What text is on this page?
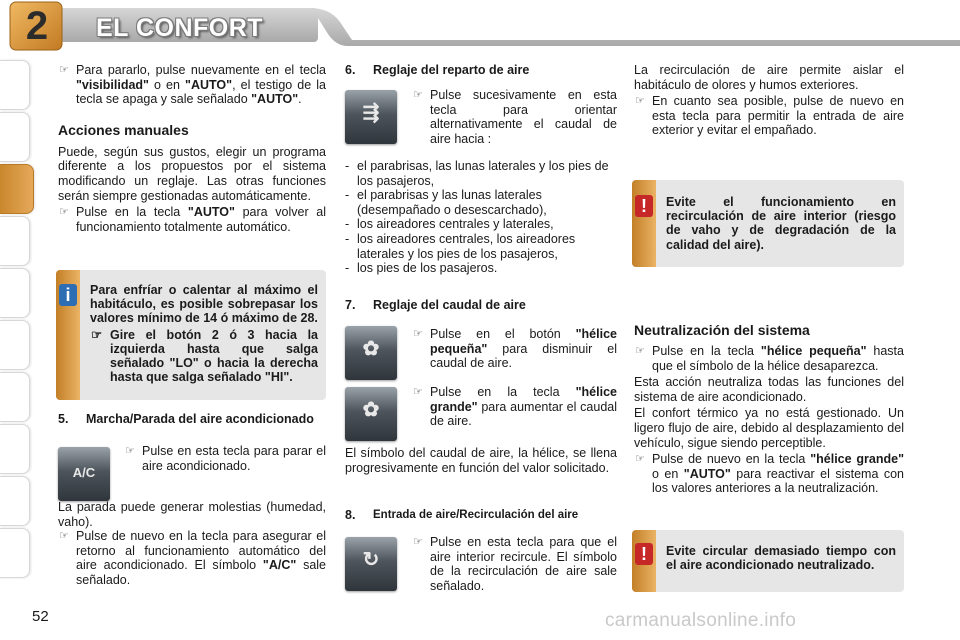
2	EL CONFORT
☞ Para pararlo, pulse nuevamente en el tecla "visibilidad" o en "AUTO", el testigo de la tecla se apaga y sale señalado "AUTO".
Acciones manuales
Puede, según sus gustos, elegir un programa diferente a los propuestos por el sistema modificando un reglaje. Las otras funciones serán siempre gestionadas automáticamente.
☞ Pulse en la tecla "AUTO" para volver al funcionamiento totalmente automático.
i	Para enfríar o calentar al máximo el habitáculo, es posible sobrepasar los valores mínimo de 14 ó máximo de 28.
☞ Gire el botón 2 ó 3 hacia la izquierda hasta que salga señalado "LO" o hacia la derecha hasta que salga señalado "HI".
5.	Marcha/Parada del aire acondicionado
A/C
☞ Pulse en esta tecla para parar el aire acondicionado.
La parada puede generar molestias (humedad, vaho).
☞ Pulse de nuevo en la tecla para asegurar el retorno al funcionamiento automático del aire acondicionado. El símbolo "A/C" sale señalado.
6.	Reglaje del reparto de aire
⇶
☞ Pulse sucesivamente en esta tecla para orientar alternativamente el caudal de aire hacia :
- el parabrisas, las lunas laterales y los pies de los pasajeros,
- el parabrisas y las lunas laterales (desempañado o desescarchado),
- los aireadores centrales y laterales,
- los aireadores centrales, los aireadores laterales y los pies de los pasajeros,
- los pies de los pasajeros.
7.	Reglaje del caudal de aire
✿
☞ Pulse en el botón "hélice pequeña" para disminuir el caudal de aire.
✿
☞ Pulse en la tecla "hélice grande" para aumentar el caudal de aire.
El símbolo del caudal de aire, la hélice, se llena progresivamente en función del valor solicitado.
8.	Entrada de aire/Recirculación del aire
↻
☞ Pulse en esta tecla para que el aire interior recircule. El símbolo de la recirculación de aire sale señalado.
La recirculación de aire permite aislar el habitáculo de olores y humos exteriores.
☞ En cuanto sea posible, pulse de nuevo en esta tecla para permitir la entrada de aire exterior y evitar el empañado.
!	Evite el funcionamiento en recirculación de aire interior (riesgo de vaho y de degradación de la calidad del aire).
Neutralización del sistema
☞ Pulse en la tecla "hélice pequeña" hasta que el símbolo de la hélice desaparezca.
Esta acción neutraliza todas las funciones del sistema de aire acondicionado.
El confort térmico ya no está gestionado. Un ligero flujo de aire, debido al desplazamiento del vehículo, sigue siendo perceptible.
☞ Pulse de nuevo en la tecla "hélice grande" o en "AUTO" para reactivar el sistema con los valores anteriores a la neutralización.
!	Evite circular demasiado tiempo con el aire acondicionado neutralizado.
52	carmanualsonline.info
